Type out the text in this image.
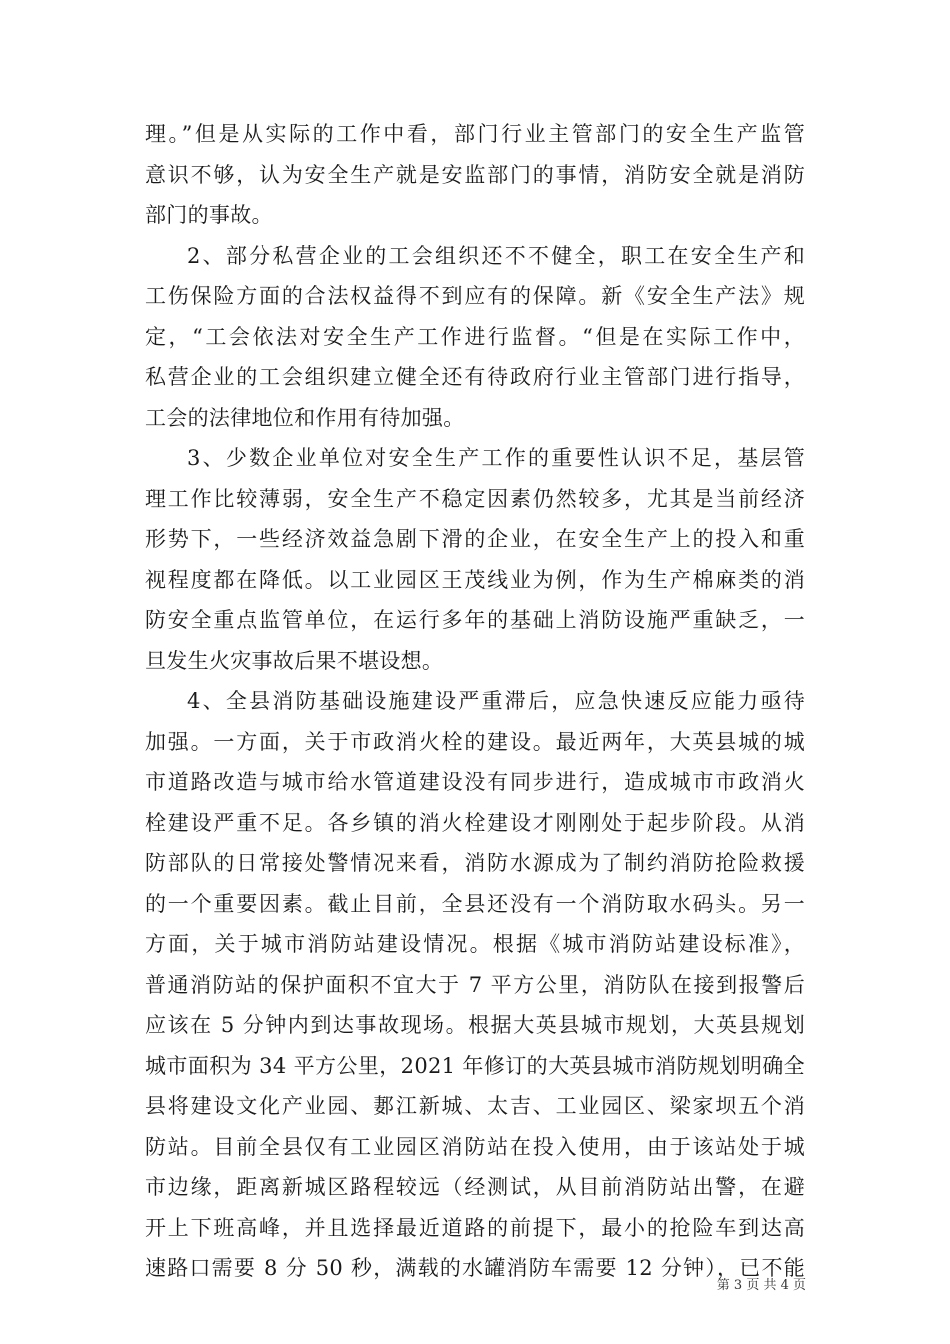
理。”但是从实际的工作中看，部门行业主管部门的安全生产监管
意识不够，认为安全生产就是安监部门的事情，消防安全就是消防
部门的事故。
2、部分私营企业的工会组织还不不健全，职工在安全生产和
工伤保险方面的合法权益得不到应有的保障。新《安全生产法》规
定，“工会依法对安全生产工作进行监督。“但是在实际工作中，
私营企业的工会组织建立健全还有待政府行业主管部门进行指导，
工会的法律地位和作用有待加强。
3、少数企业单位对安全生产工作的重要性认识不足，基层管
理工作比较薄弱，安全生产不稳定因素仍然较多，尤其是当前经济
形势下，一些经济效益急剧下滑的企业，在安全生产上的投入和重
视程度都在降低。以工业园区王茂线业为例，作为生产棉麻类的消
防安全重点监管单位，在运行多年的基础上消防设施严重缺乏，一
旦发生火灾事故后果不堪设想。
4、全县消防基础设施建设严重滞后，应急快速反应能力亟待
加强。一方面，关于市政消火栓的建设。最近两年，大英县城的城
市道路改造与城市给水管道建设没有同步进行，造成城市市政消火
栓建设严重不足。各乡镇的消火栓建设才刚刚处于起步阶段。从消
防部队的日常接处警情况来看，消防水源成为了制约消防抢险救援
的一个重要因素。截止目前，全县还没有一个消防取水码头。另一
方面，关于城市消防站建设情况。根据《城市消防站建设标准》，
普通消防站的保护面积不宜大于 7 平方公里，消防队在接到报警后
应该在 5 分钟内到达事故现场。根据大英县城市规划，大英县规划
城市面积为 34 平方公里，2021 年修订的大英县城市消防规划明确全
县将建设文化产业园、郪江新城、太吉、工业园区、梁家坝五个消
防站。目前全县仅有工业园区消防站在投入使用，由于该站处于城
市边缘，距离新城区路程较远（经测试，从目前消防站出警，在避
开上下班高峰，并且选择最近道路的前提下，最小的抢险车到达高
速路口需要 8 分 50 秒，满载的水罐消防车需要 12 分钟），已不能
第 3 页 共 4 页
